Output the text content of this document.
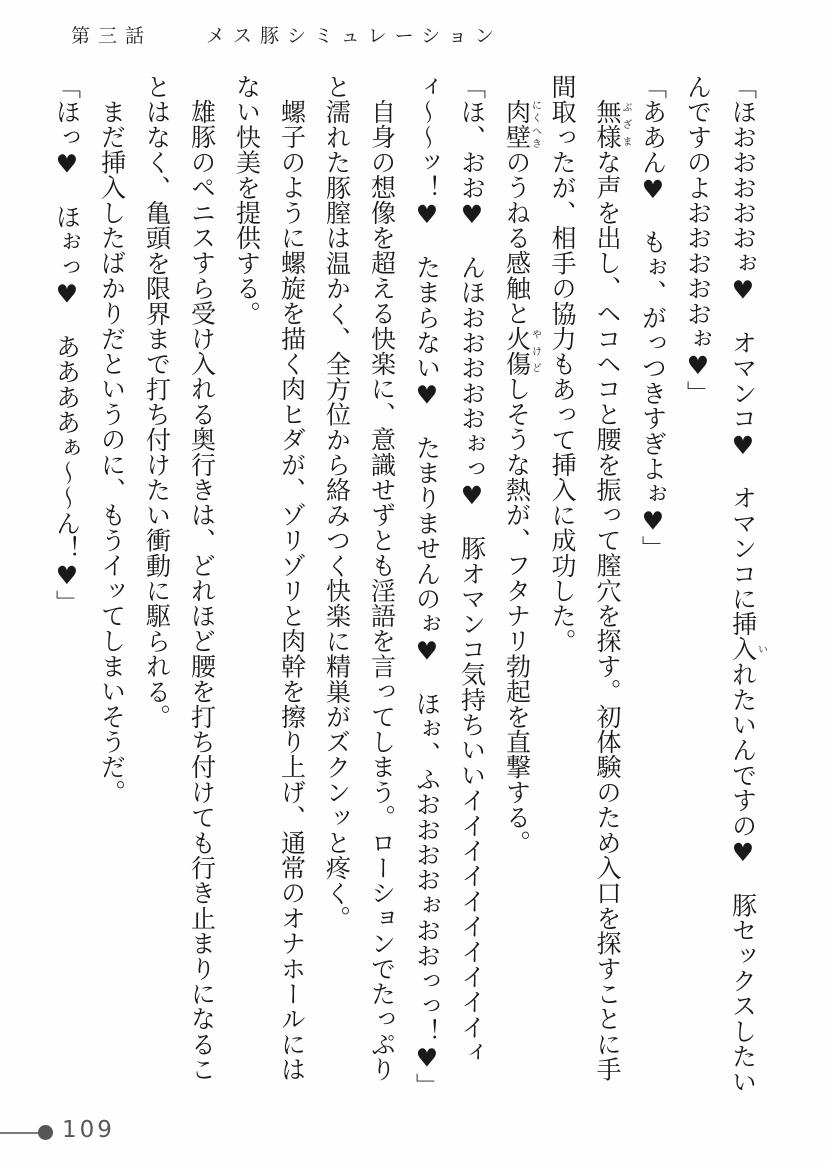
第三話　　メス豚シミュレーション

「ほおおおおおぉ♥　オマンコ♥　オマンコに挿入いれたいんですの♥　豚セックスしたい
んですのよおおおおおぉ♥」

「ああん♥　もぉ、がっつきすぎよぉ♥」

無様ぶざまな声を出し、ヘコヘコと腰を振って膣穴を探す。初体験のため入口を探すことに手
間取ったが、相手の協力もあって挿入に成功した。

肉壁にくへきのうねる感触と火傷やけどしそうな熱が、フタナリ勃起を直撃する。

「ほ、おお♥　んほおおおおおぉっ♥　豚オマンコ気持ちいいイイイイイイイイイイィ
ィ～～ッ！♥　たまらない♥　たまりませんのぉ♥　ほぉ、ふおおおおぉおおっっ！♥」

自身の想像を超える快楽に、意識せずとも淫語を言ってしまう。ローションでたっぷり
と濡れた豚膣は温かく、全方位から絡みつく快楽に精巣がズクンッと疼く。

螺子のように螺旋を描く肉ヒダが、ゾリゾリと肉幹を擦り上げ、通常のオナホールには
ない快美を提供する。

雄豚のペニスすら受け入れる奥行きは、どれほど腰を打ち付けても行き止まりになるこ
とはなく、亀頭を限界まで打ち付けたい衝動に駆られる。

まだ挿入したばかりだというのに、もうイッてしまいそうだ。

「ほっ♥　ほぉっ♥　ああああぁ～～ん！♥」

109
